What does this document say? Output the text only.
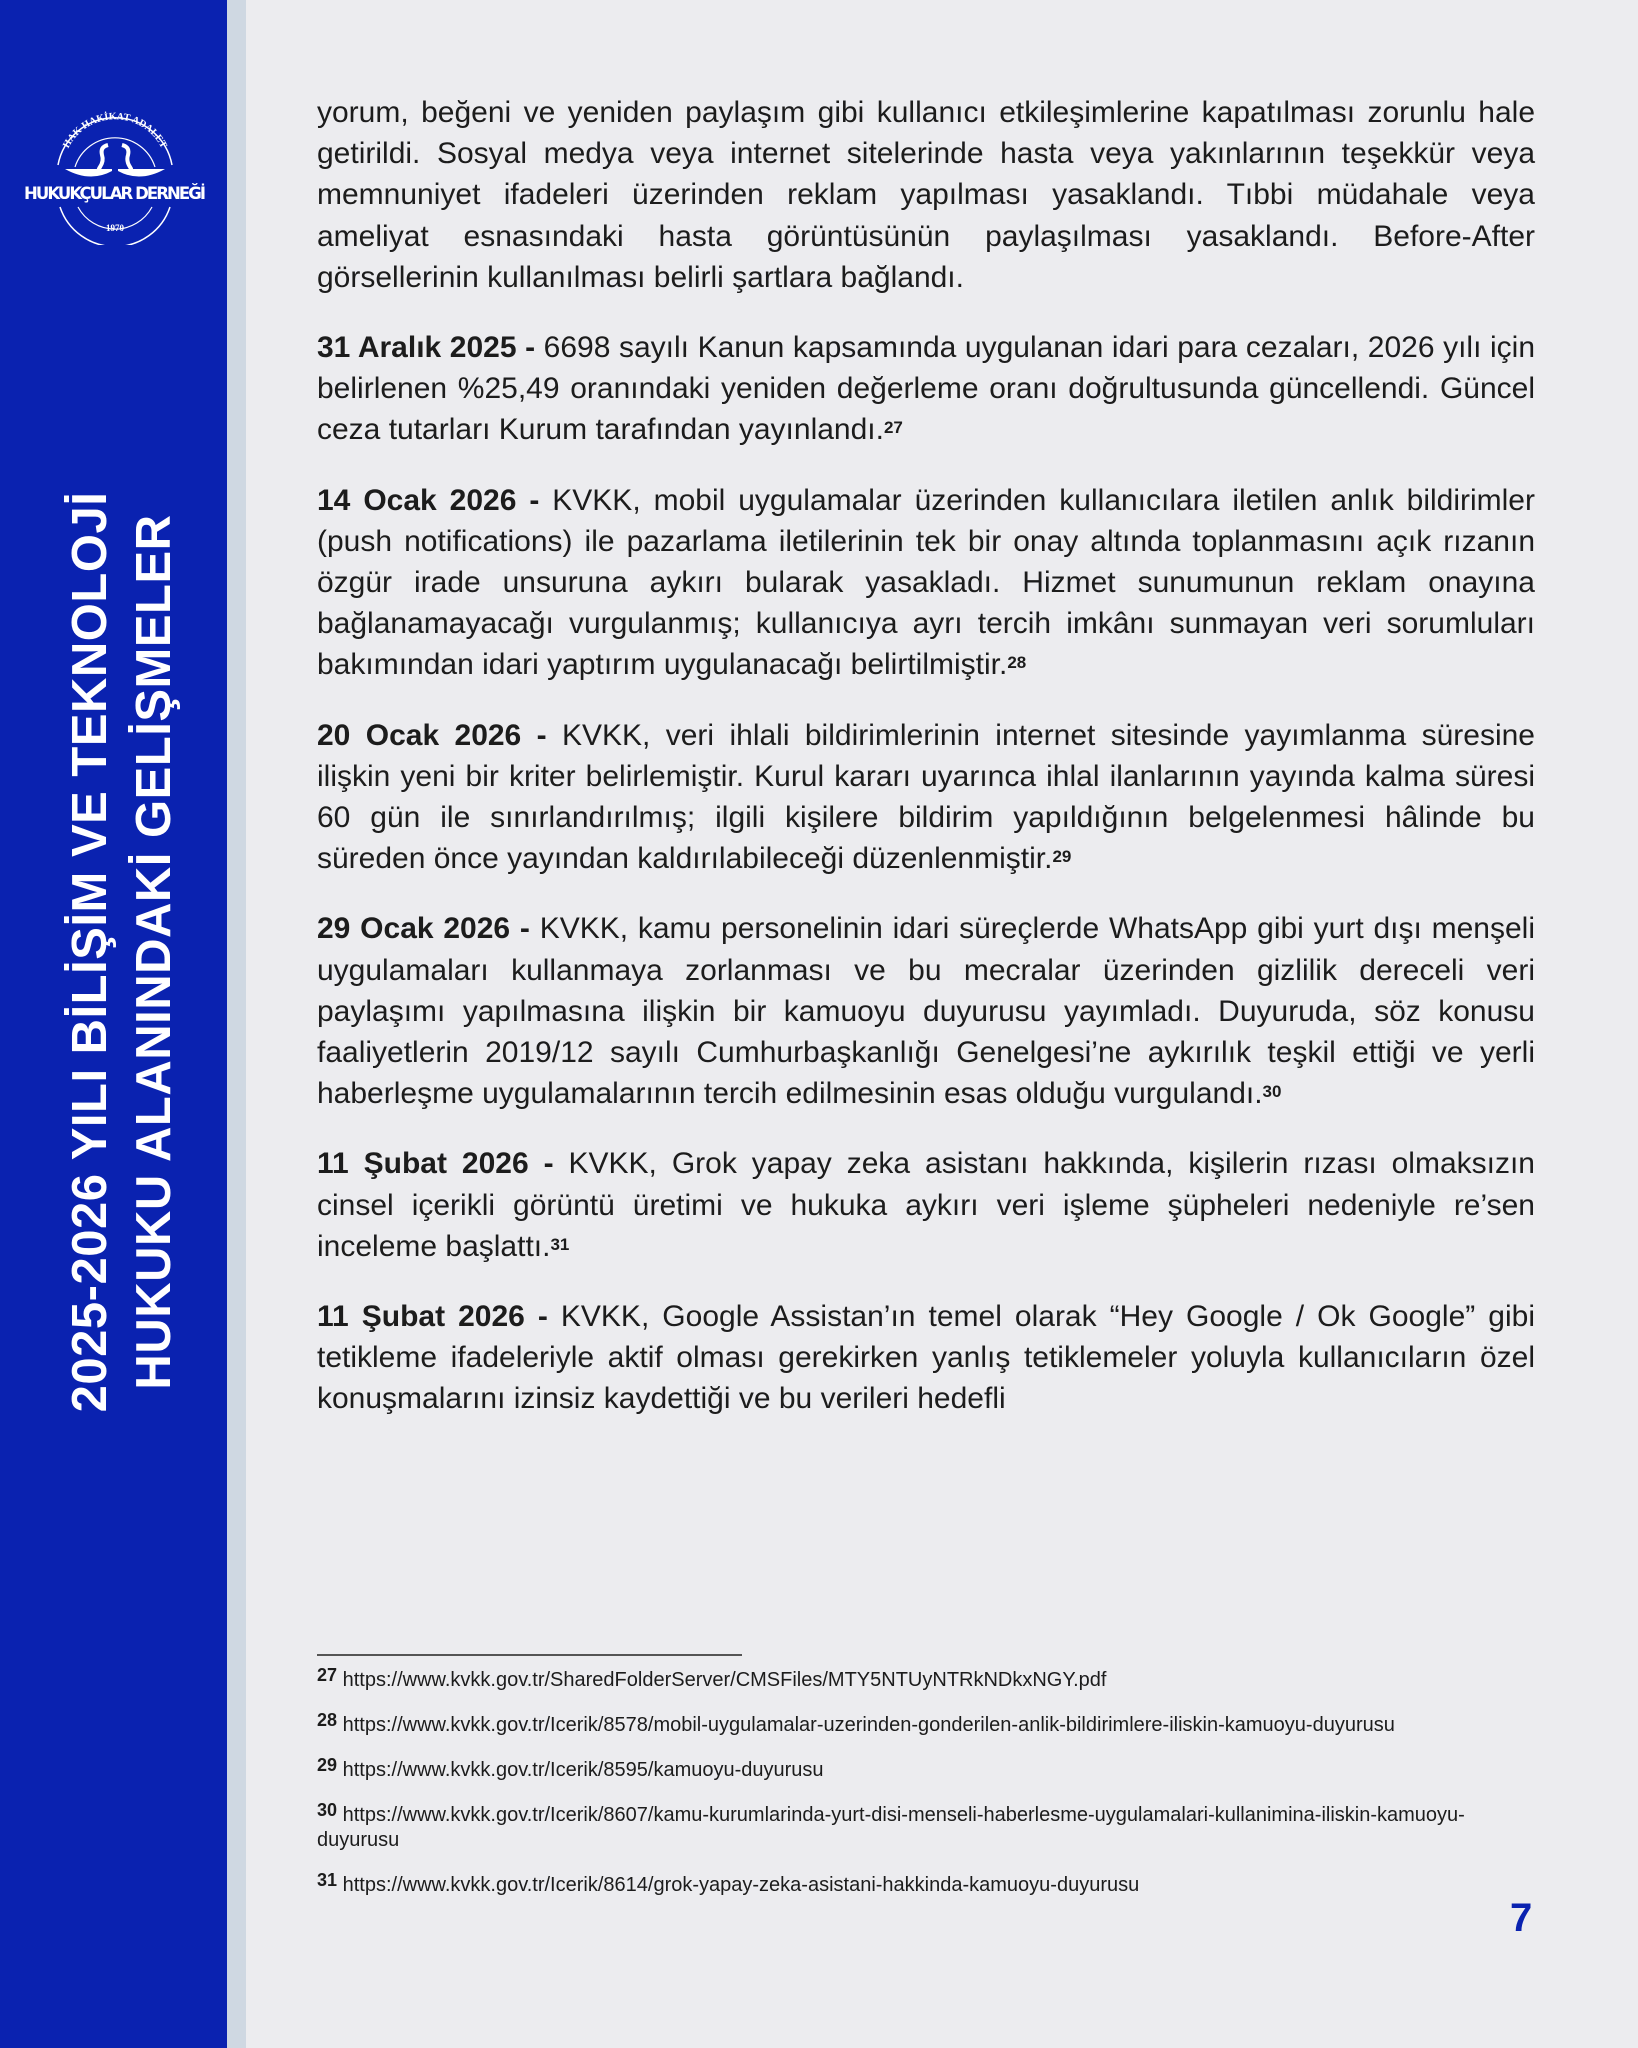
HAK HAKİKAT ADALET
HUKUKÇULAR DERNEĞİ
1970
2025-2026 YILI BİLİŞİM VE TEKNOLOJİ HUKUKU ALANINDAKİ GELİŞMELER

yorum, beğeni ve yeniden paylaşım gibi kullanıcı etkileşimlerine kapatılması zorunlu hale getirildi. Sosyal medya veya internet sitelerinde hasta veya yakınlarının teşekkür veya memnuniyet ifadeleri üzerinden reklam yapılması yasaklandı. Tıbbi müdahale veya ameliyat esnasındaki hasta görüntüsünün paylaşılması yasaklandı. Before-After görsellerinin kullanılması belirli şartlara bağlandı.

31 Aralık 2025 - 6698 sayılı Kanun kapsamında uygulanan idari para cezaları, 2026 yılı için belirlenen %25,49 oranındaki yeniden değerleme oranı doğrultusunda güncellendi. Güncel ceza tutarları Kurum tarafından yayınlandı.$^{27}$

14 Ocak 2026 - KVKK, mobil uygulamalar üzerinden kullanıcılara iletilen anlık bildirimler (push notifications) ile pazarlama iletilerinin tek bir onay altında toplanmasını açık rızanın özgür irade unsuruna aykırı bularak yasakladı. Hizmet sunumunun reklam onayına bağlanamayacağı vurgulanmış; kullanıcıya ayrı tercih imkânı sunmayan veri sorumluları bakımından idari yaptırım uygulanacağı belirtilmiştir.$^{28}$

20 Ocak 2026 - KVKK, veri ihlali bildirimlerinin internet sitesinde yayımlanma süresine ilişkin yeni bir kriter belirlemiştir. Kurul kararı uyarınca ihlal ilanlarının yayında kalma süresi 60 gün ile sınırlandırılmış; ilgili kişilere bildirim yapıldığının belgelenmesi hâlinde bu süreden önce yayından kaldırılabileceği düzenlenmiştir.$^{29}$

29 Ocak 2026 - KVKK, kamu personelinin idari süreçlerde WhatsApp gibi yurt dışı menşeli uygulamaları kullanmaya zorlanması ve bu mecralar üzerinden gizlilik dereceli veri paylaşımı yapılmasına ilişkin bir kamuoyu duyurusu yayımladı. Duyuruda, söz konusu faaliyetlerin 2019/12 sayılı Cumhurbaşkanlığı Genelgesi’ne aykırılık teşkil ettiği ve yerli haberleşme uygulamalarının tercih edilmesinin esas olduğu vurgulandı.$^{30}$

11 Şubat 2026 - KVKK, Grok yapay zeka asistanı hakkında, kişilerin rızası olmaksızın cinsel içerikli görüntü üretimi ve hukuka aykırı veri işleme şüpheleri nedeniyle re’sen inceleme başlattı.$^{31}$

11 Şubat 2026 - KVKK, Google Assistan’ın temel olarak “Hey Google / Ok Google” gibi tetikleme ifadeleriyle aktif olması gerekirken yanlış tetiklemeler yoluyla kullanıcıların özel konuşmalarını izinsiz kaydettiği ve bu verileri hedefli

$^{27}$ https://www.kvkk.gov.tr/SharedFolderServer/CMSFiles/MTY5NTUyNTRkNDkxNGY.pdf
$^{28}$ https://www.kvkk.gov.tr/Icerik/8578/mobil-uygulamalar-uzerinden-gonderilen-anlik-bildirimlere-iliskin-kamuoyu-duyurusu
$^{29}$ https://www.kvkk.gov.tr/Icerik/8595/kamuoyu-duyurusu
$^{30}$ https://www.kvkk.gov.tr/Icerik/8607/kamu-kurumlarinda-yurt-disi-menseli-haberlesme-uygulamalari-kullanimina-iliskin-kamuoyu-duyurusu
$^{31}$ https://www.kvkk.gov.tr/Icerik/8614/grok-yapay-zeka-asistani-hakkinda-kamuoyu-duyurusu
7
